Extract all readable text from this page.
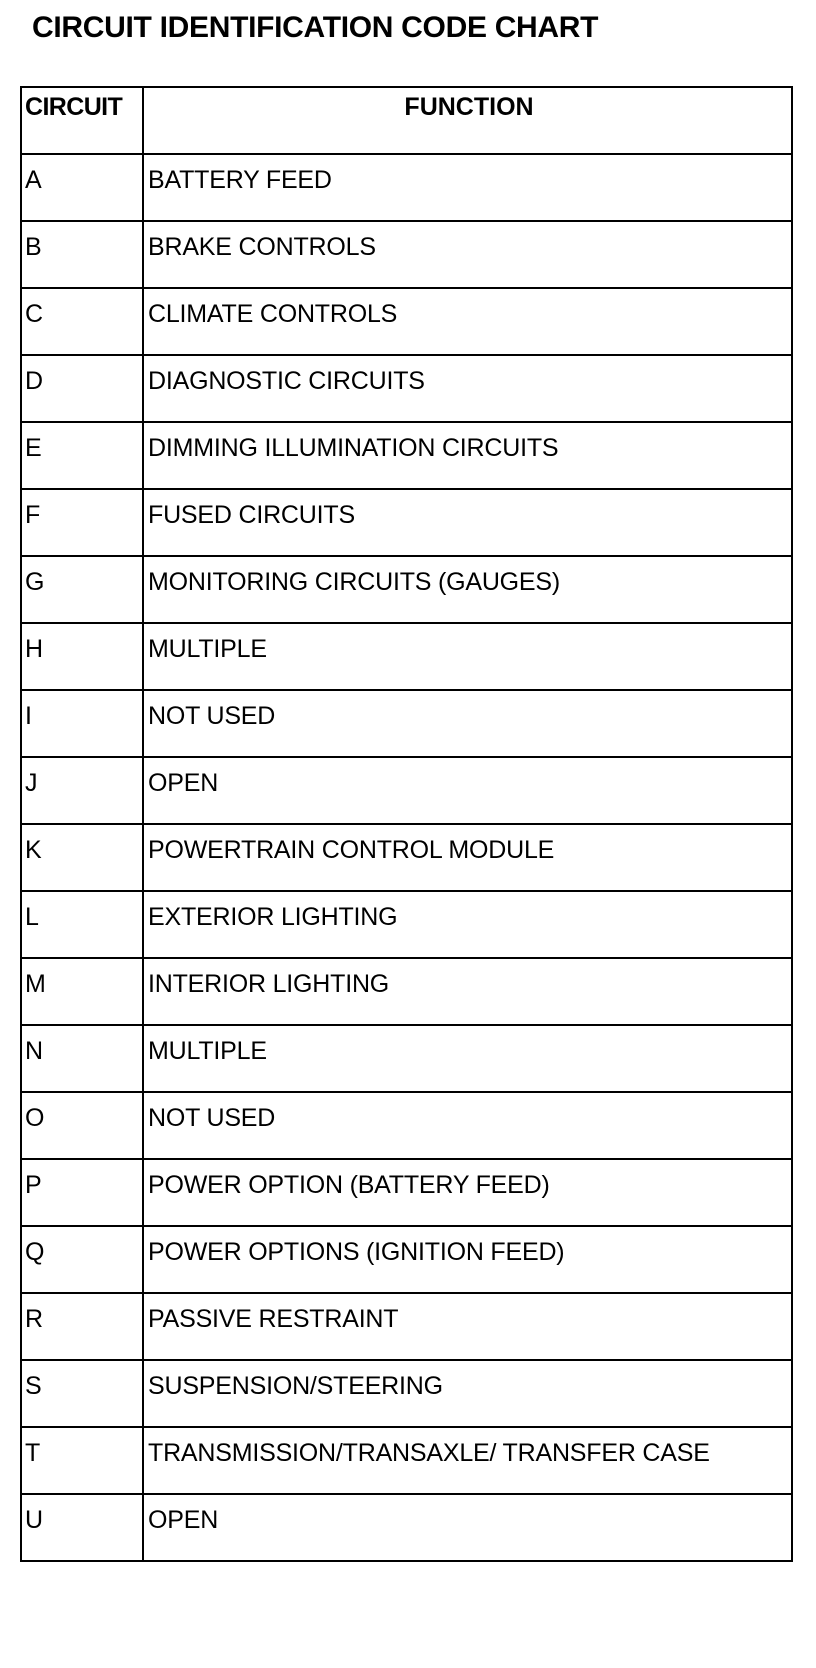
CIRCUIT IDENTIFICATION CODE CHART
CIRCUIT	FUNCTION
A	BATTERY FEED
B	BRAKE CONTROLS
C	CLIMATE CONTROLS
D	DIAGNOSTIC CIRCUITS
E	DIMMING ILLUMINATION CIRCUITS
F	FUSED CIRCUITS
G	MONITORING CIRCUITS (GAUGES)
H	MULTIPLE
I	NOT USED
J	OPEN
K	POWERTRAIN CONTROL MODULE
L	EXTERIOR LIGHTING
M	INTERIOR LIGHTING
N	MULTIPLE
O	NOT USED
P	POWER OPTION (BATTERY FEED)
Q	POWER OPTIONS (IGNITION FEED)
R	PASSIVE RESTRAINT
S	SUSPENSION/STEERING
T	TRANSMISSION/TRANSAXLE/ TRANSFER CASE
U	OPEN
